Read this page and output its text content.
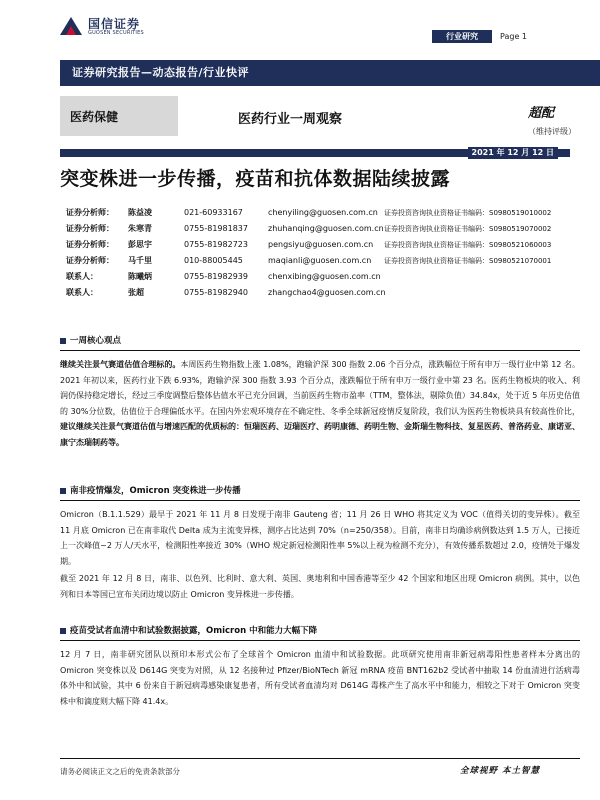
国信证券
GUOSEN SECURITIES	行业研究	Page 1
证券研究报告—动态报告/行业快评
医药保健	医药行业一周观察	超配
（维持评级）
2021 年 12 月 12 日
突变株进一步传播，疫苗和抗体数据陆续披露
证券分析师：	陈益凌	021-60933167	chenyiling@guosen.com.cn 证券投资咨询执业资格证书编码：S0980519010002
证券分析师：	朱寒青	0755-81981837	zhuhanqing@guosen.com.cn 证券投资咨询执业资格证书编码：S0980519070002
证券分析师：	彭思宇	0755-81982723	pengsiyu@guosen.com.cn 证券投资咨询执业资格证书编码：S0980521060003
证券分析师：	马千里	010-88005445	maqianli@guosen.com.cn 证券投资咨询执业资格证书编码：S0980521070001
联系人：	陈曦炳	0755-81982939	chenxibing@guosen.com.cn
联系人：	张超	0755-81982940	zhangchao4@guosen.com.cn
一周核心观点

继续关注景气赛道估值合理标的。本周医药生物指数上涨 1.08%，跑输沪深 300 指数 2.06 个百分点，涨跌幅位于所有申万一级行业中第 12 名。2021 年初以来，医药行业下跌 6.93%，跑输沪深 300 指数 3.93 个百分点，涨跌幅位于所有申万一级行业中第 23 名。医药生物板块的收入、利润仍保持稳定增长，经过三季度调整后整体估值水平已充分回调，当前医药生物市盈率（TTM，整体法，剔除负值）34.84x，处于近 5 年历史估值的 30%分位数，估值位于合理偏低水平。在国内外宏观环境存在不确定性、冬季全球新冠疫情反复阶段，我们认为医药生物板块具有较高性价比，建议继续关注景气赛道估值与增速匹配的优质标的：恒瑞医药、迈瑞医疗、药明康德、药明生物、金斯瑞生物科技、复星医药、普洛药业、康诺亚、康宁杰瑞制药等。

南非疫情爆发，Omicron 突变株进一步传播

Omicron（B.1.1.529）最早于 2021 年 11 月 8 日发现于南非 Gauteng 省；11 月 26 日 WHO 将其定义为 VOC（值得关切的变异株）。截至 11 月底 Omicron 已在南非取代 Delta 成为主流变异株，测序占比达到 70%（n=250/358）。目前，南非日均确诊病例数达到 1.5 万人，已接近上一次峰值~2 万人/天水平，检测阳性率接近 30%（WHO 规定新冠检测阳性率 5%以上视为检测不充分），有效传播系数超过 2.0，疫情处于爆发期。

截至 2021 年 12 月 8 日，南非、以色列、比利时、意大利、英国、奥地利和中国香港等至少 42 个国家和地区出现 Omicron 病例。其中，以色列和日本等国已宣布关闭边境以防止 Omicron 变异株进一步传播。

疫苗受试者血清中和试验数据披露，Omicron 中和能力大幅下降

12 月 7 日，南非研究团队以预印本形式公布了全球首个 Omicron 血清中和试验数据。此项研究使用南非新冠病毒阳性患者样本分离出的 Omicron 突变株以及 D614G 突变为对照，从 12 名接种过 Pfizer/BioNTech 新冠 mRNA 疫苗 BNT162b2 受试者中抽取 14 份血清进行活病毒体外中和试验，其中 6 份来自于新冠病毒感染康复患者，所有受试者血清均对 D614G 毒株产生了高水平中和能力，相较之下对于 Omicron 突变株中和滴度则大幅下降 41.4x。

请务必阅读正文之后的免责条款部分	全球视野 本土智慧
